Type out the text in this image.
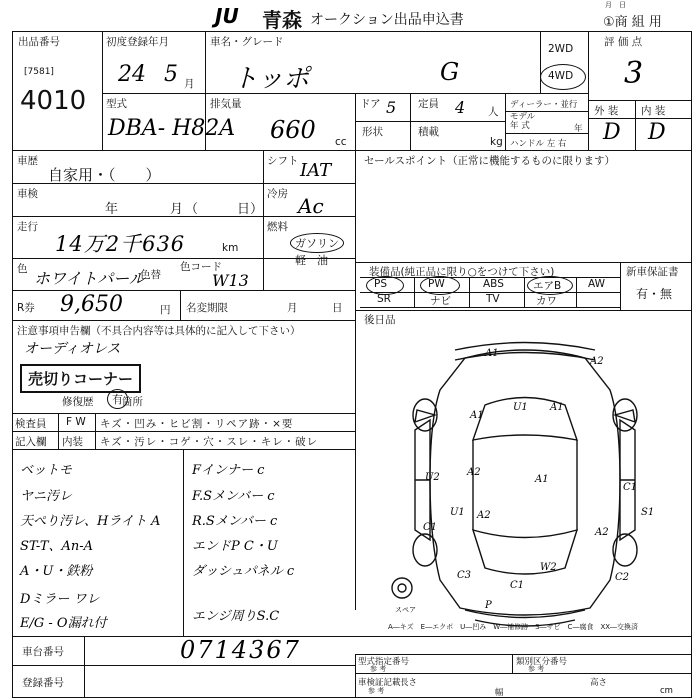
JU 青森 オークション出品申込書
月　日
①商 組 用
出品番号
[7581]
4010
初度登録年月
24 5 月
車名・グレード
トッポ	G
2WD
4WD
評 価 点
3
型式
DBA- H82A
排気量
660 cc
ドア 5 定員 4 人
形状	積載
kg
ディーラー・並行
モデル
年 式	年
ハンドル 左 右
外 装 内 装
D D
車歴
自家用・（　　）
シフト IAT
車検
年	月 （　　　日）
冷房 Ac
走行
14万2千636	km
燃料
ガソリン
軽　油
色 ホワイトパール
色替
色コード
W13
R券 9,650	円 名変期限	月	日
注意事項申告欄（不具合内容等は具体的に記入して下さい）
オーディオレス
売切りコーナー
修復歴	有 箇所
検査員 F W キズ・凹み・ヒビ割・リペア跡・×要
記入欄 内装 キズ・汚レ・コゲ・穴・スレ・キレ・破レ
ベットモ
ヤニ汚レ
天ぺり汚レ、Hライト A
ST-T、An-A
A・U・鉄粉
Dミラー ワレ
E/G - O漏れ付
Fインナー c
F.Sメンバー c
R.Sメンバー c
エンドP C・U
ダッシュパネル c
エンジ周りS.C
セールスポイント（正常に機能するものに限ります）
装備品(純正品に限り○をつけて下さい)	新車保証書
有・無
PS	PW	ABS	エアB	AW
SR	ナビ	TV	カワ
後日品
A1
A2
U1 A1
A1
A2
A1
U2
U1 A2
C1
C1	A2
S1
W2
C3
C1
C2
P
スペア
A―キズ　E―エクボ　U―凹み　W―補修跡　S―サビ　C―腐食　XX―交換済
車台番号	0714367
登録番号
型式指定番号
参 考
類別区分番号
参 考
車検証記載
参 考
長さ
幅
高さ
cm
